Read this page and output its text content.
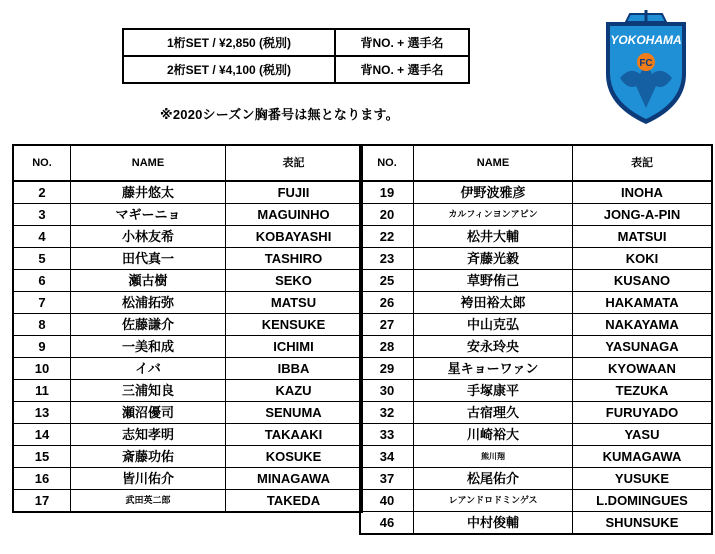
1桁SET / ¥2,850 (税別)	背NO. + 選手名
2桁SET / ¥4,100 (税別)	背NO. + 選手名
※2020シーズン胸番号は無となります。
FC
YOKOHAMA
NO.	NAME	表記
2	藤井悠太	FUJII
3	マギーニョ	MAGUINHO
4	小林友希	KOBAYASHI
5	田代真一	TASHIRO
6	瀬古樹	SEKO
7	松浦拓弥	MATSU
8	佐藤謙介	KENSUKE
9	一美和成	ICHIMI
10	イバ	IBBA
11	三浦知良	KAZU
13	瀬沼優司	SENUMA
14	志知孝明	TAKAAKI
15	斎藤功佑	KOSUKE
16	皆川佑介	MINAGAWA
17	武田英二郎	TAKEDA
NO.	NAME	表記
19	伊野波雅彦	INOHA
20	カルフィンヨンアピン	JONG-A-PIN
22	松井大輔	MATSUI
23	斉藤光毅	KOKI
25	草野侑己	KUSANO
26	袴田裕太郎	HAKAMATA
27	中山克弘	NAKAYAMA
28	安永玲央	YASUNAGA
29	星キョーワァン	KYOWAAN
30	手塚康平	TEZUKA
32	古宿理久	FURUYADO
33	川崎裕大	YASU
34	熊川翔	KUMAGAWA
37	松尾佑介	YUSUKE
40	レアンドロドミンゲス	L.DOMINGUES
46	中村俊輔	SHUNSUKE
